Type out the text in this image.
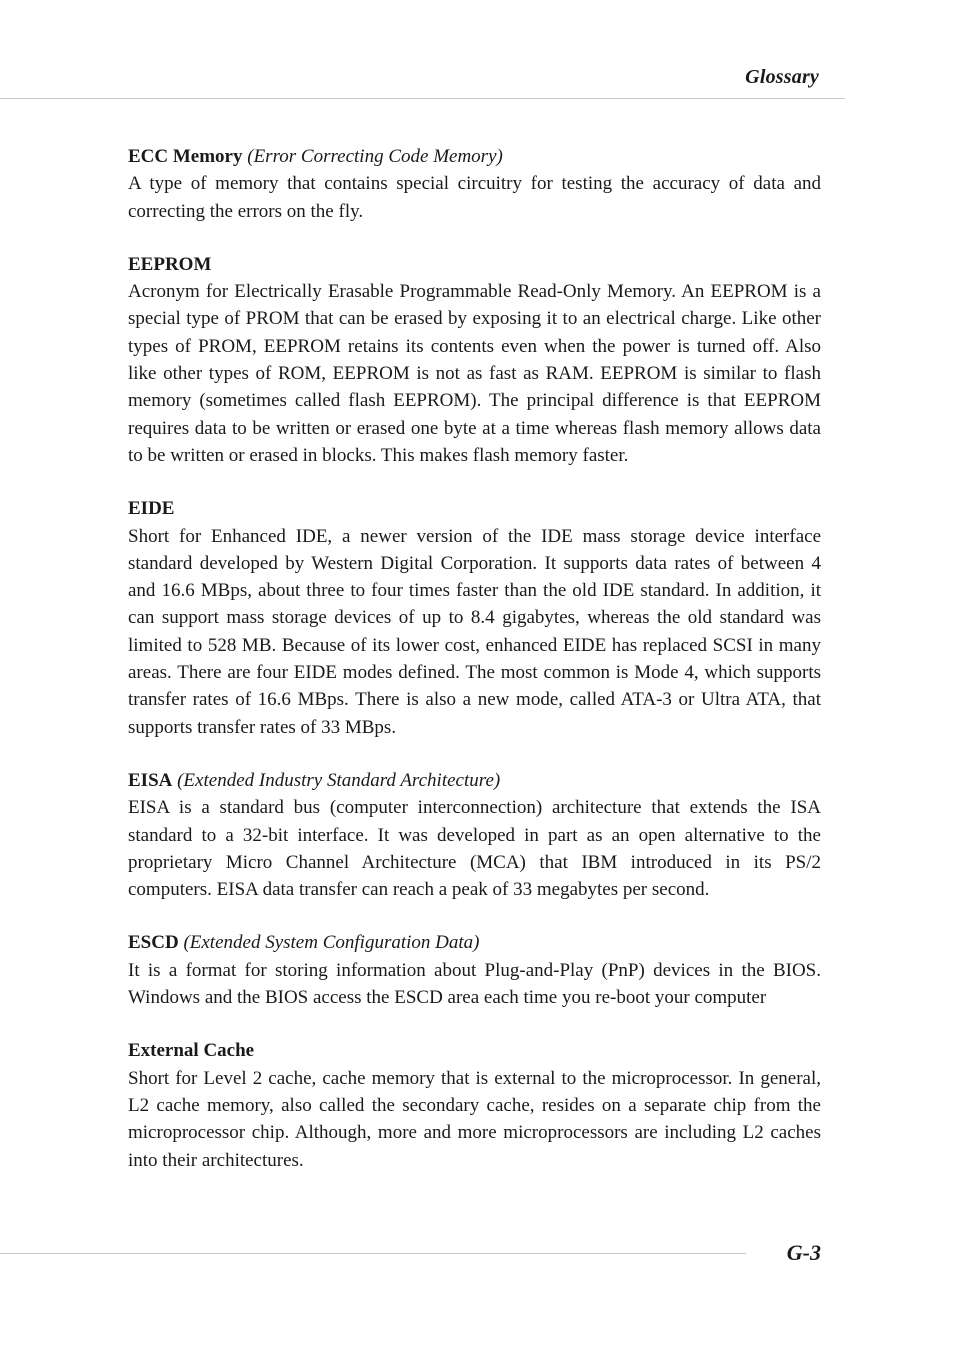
Glossary

ECC Memory (Error Correcting Code Memory)

A type of memory that contains special circuitry for testing the accuracy of data and correcting the errors on the fly.

EEPROM

Acronym for Electrically Erasable Programmable Read-Only Memory. An EEPROM is a special type of PROM that can be erased by exposing it to an electrical charge. Like other types of PROM, EEPROM retains its contents even when the power is turned off. Also like other types of ROM, EEPROM is not as fast as RAM. EEPROM is similar to flash memory (sometimes called flash EEPROM). The principal difference is that EEPROM requires data to be written or erased one byte at a time whereas flash memory allows data to be written or erased in blocks. This makes flash memory faster.

EIDE

Short for Enhanced IDE, a newer version of the IDE mass storage device interface standard developed by Western Digital Corporation. It supports data rates of between 4 and 16.6 MBps, about three to four times faster than the old IDE standard. In addition, it can support mass storage devices of up to 8.4 gigabytes, whereas the old standard was limited to 528 MB. Because of its lower cost, enhanced EIDE has replaced SCSI in many areas. There are four EIDE modes defined. The most common is Mode 4, which supports transfer rates of 16.6 MBps. There is also a new mode, called ATA-3 or Ultra ATA, that supports transfer rates of 33 MBps.

EISA (Extended Industry Standard Architecture)

EISA is a standard bus (computer interconnection) architecture that extends the ISA standard to a 32-bit interface. It was developed in part as an open alternative to the proprietary Micro Channel Architecture (MCA) that IBM introduced in its PS/2 computers. EISA data transfer can reach a peak of 33 megabytes per second.

ESCD (Extended System Configuration Data)

It is a format for storing information about Plug-and-Play (PnP) devices in the BIOS. Windows and the BIOS access the ESCD area each time you re-boot your computer

External Cache

Short for Level 2 cache, cache memory that is external to the microprocessor. In general, L2 cache memory, also called the secondary cache, resides on a separate chip from the microprocessor chip. Although, more and more microprocessors are including L2 caches into their architectures.

G-3
